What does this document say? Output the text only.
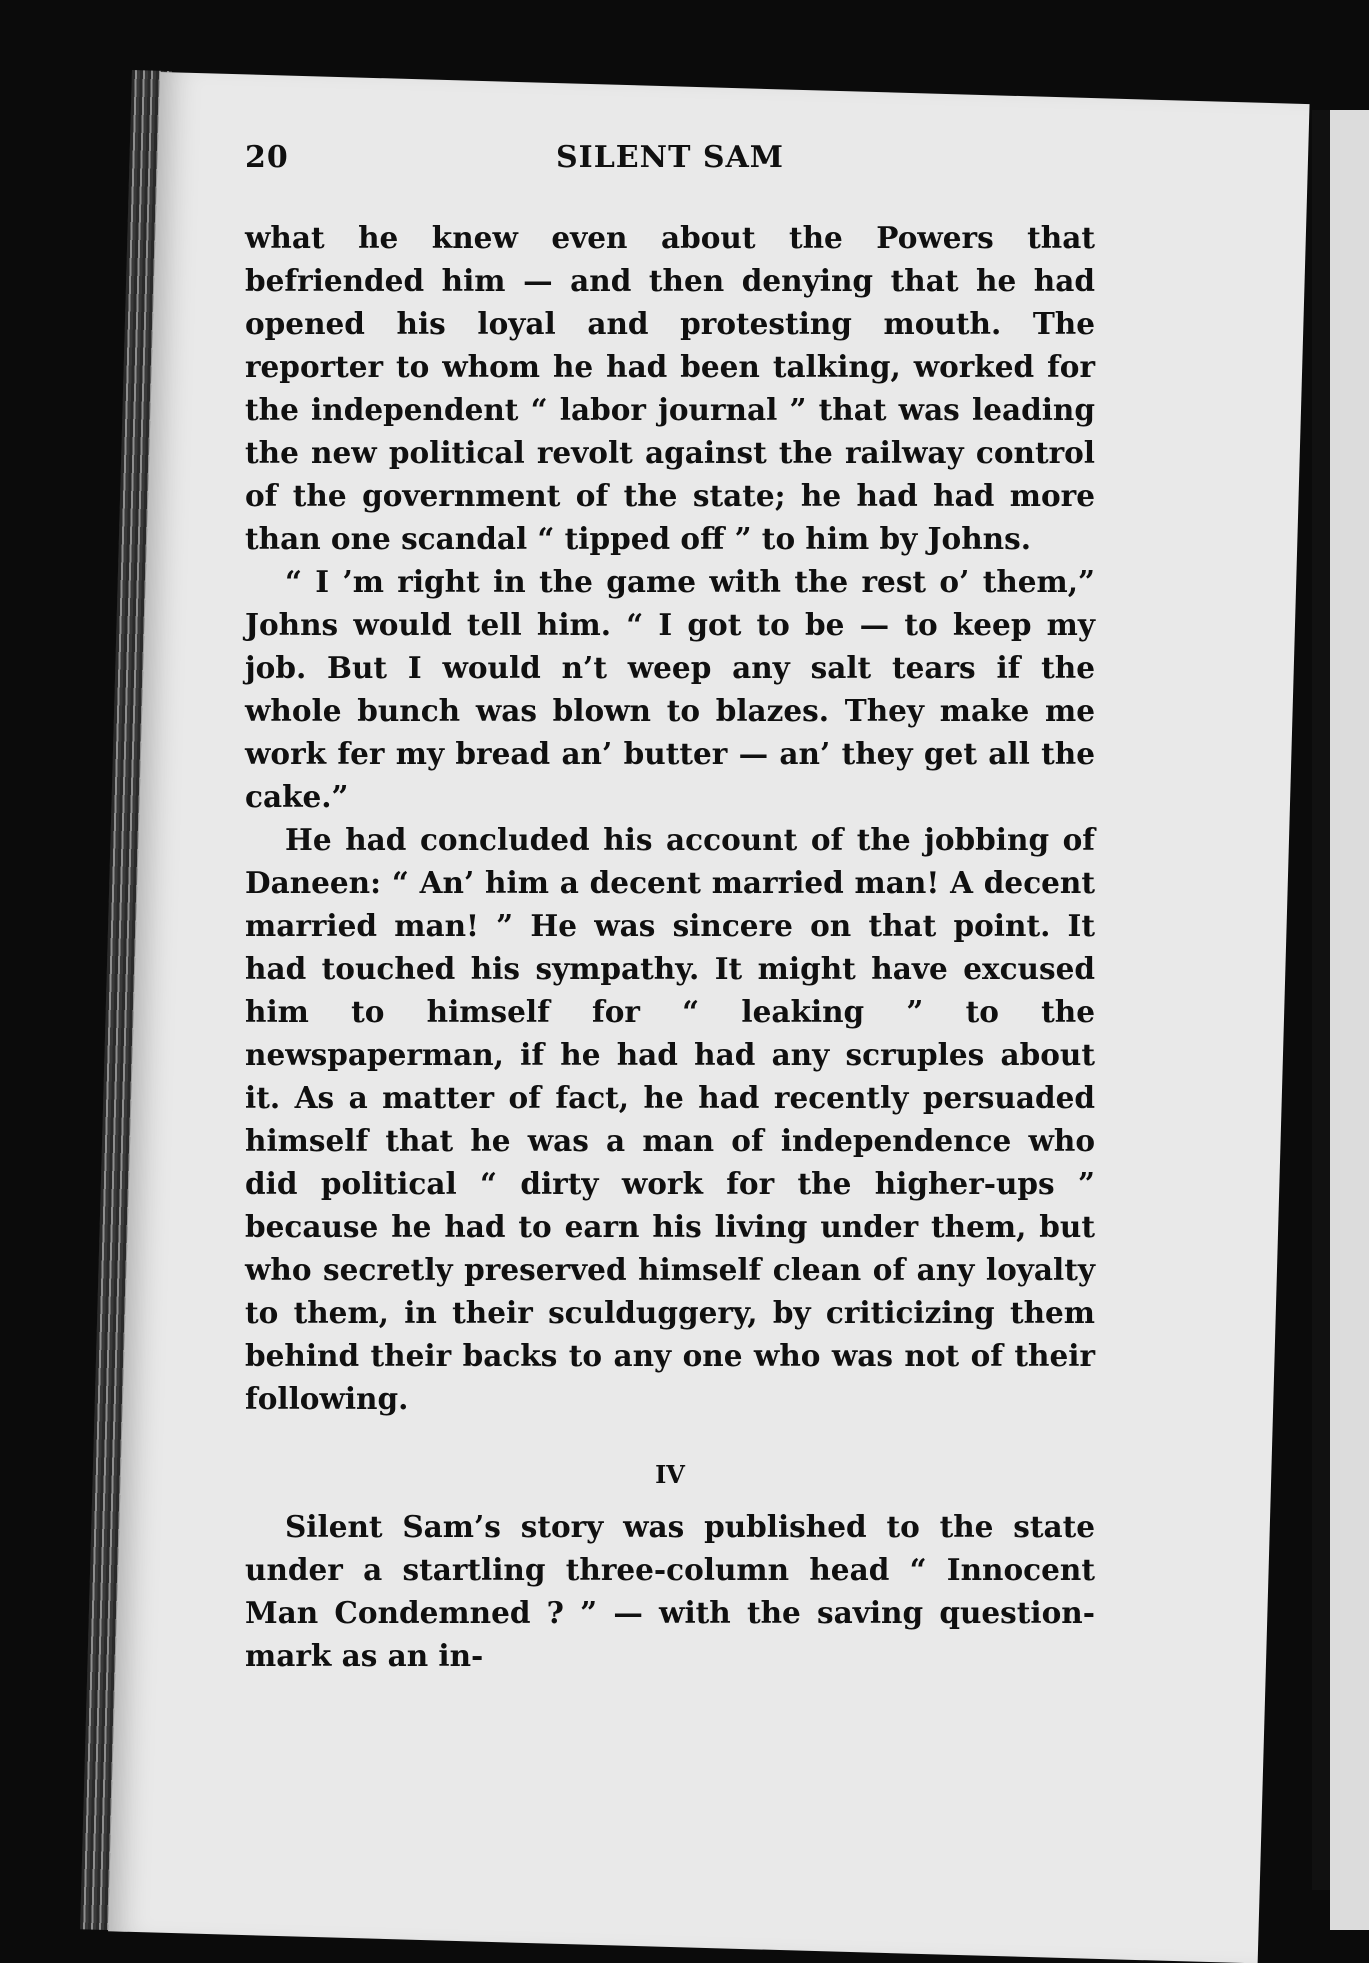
20	SILENT SAM

what he knew even about the Powers that befriended him — and then denying that he had opened his loyal and protesting mouth. The reporter to whom he had been talking, worked for the independent “ labor journal ” that was leading the new political revolt against the railway control of the government of the state; he had had more than one scandal “ tipped off ” to him by Johns.

“ I ’m right in the game with the rest o’ them,” Johns would tell him. “ I got to be — to keep my job. But I would n’t weep any salt tears if the whole bunch was blown to blazes. They make me work fer my bread an’ butter — an’ they get all the cake.”

He had concluded his account of the jobbing of Daneen: “ An’ him a decent married man! A decent married man! ” He was sincere on that point. It had touched his sympathy. It might have excused him to himself for “ leaking ” to the newspaperman, if he had had any scruples about it. As a matter of fact, he had recently persuaded himself that he was a man of independence who did political “ dirty work for the higher-ups ” because he had to earn his living under them, but who secretly preserved himself clean of any loyalty to them, in their sculduggery, by criticizing them behind their backs to any one who was not of their following.

IV

Silent Sam’s story was published to the state under a startling three-column head “ Innocent Man Condemned ? ” — with the saving question-mark as an in-
